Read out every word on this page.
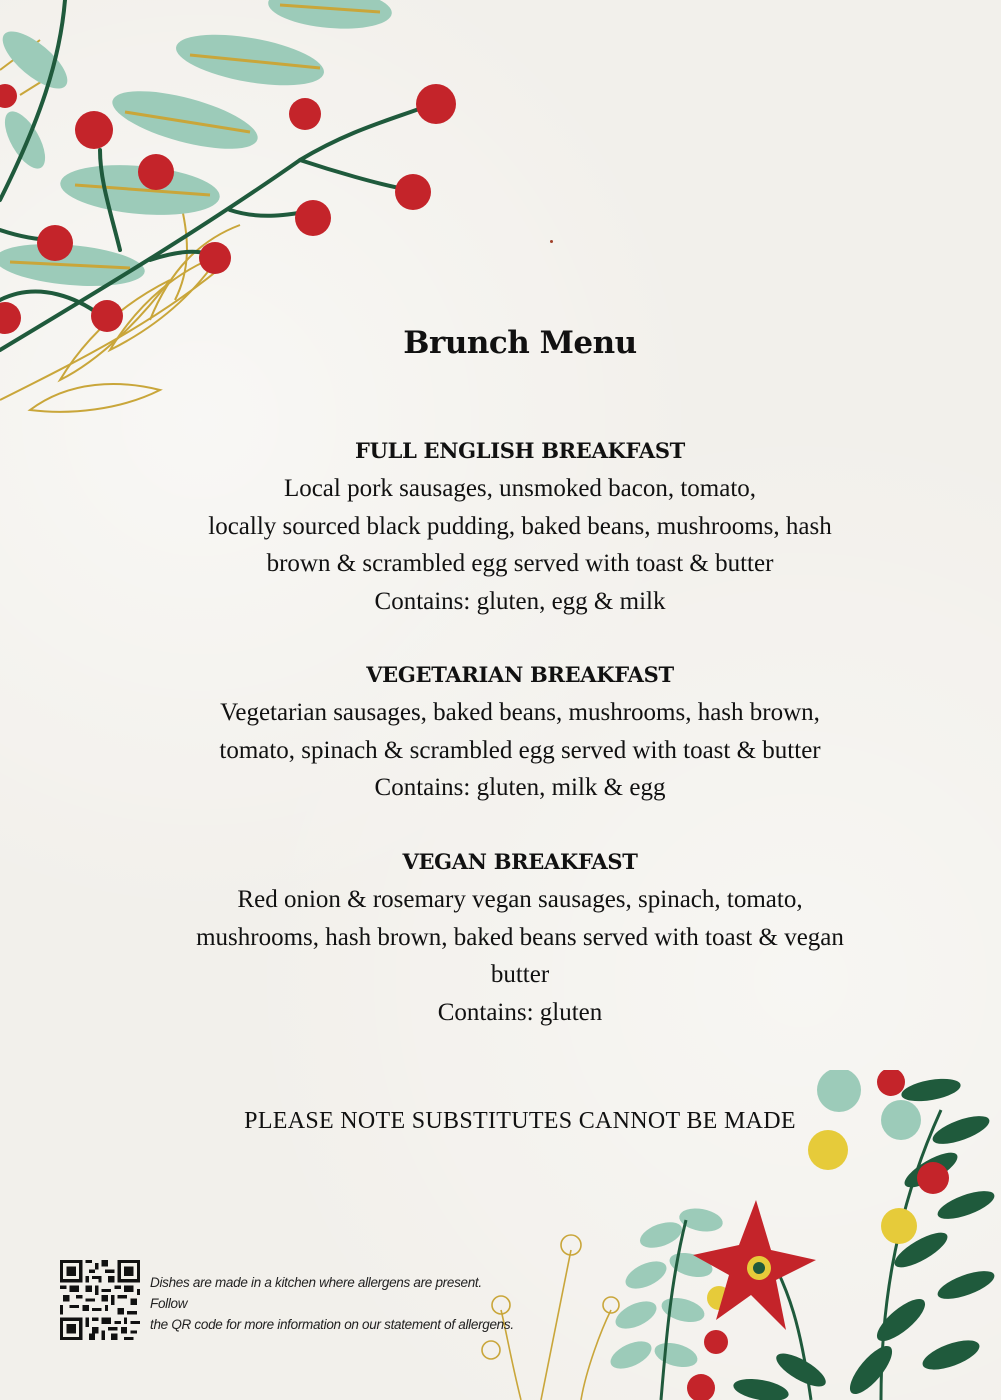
Brunch Menu

FULL ENGLISH BREAKFAST

Local pork sausages, unsmoked bacon, tomato,

locally sourced black pudding, baked beans, mushrooms, hash

brown & scrambled egg served with toast & butter

Contains: gluten, egg & milk

VEGETARIAN BREAKFAST

Vegetarian sausages, baked beans, mushrooms, hash brown,

tomato, spinach & scrambled egg served with toast & butter

Contains: gluten, milk & egg

VEGAN BREAKFAST

Red onion & rosemary vegan sausages, spinach, tomato,

mushrooms, hash brown, baked beans served with toast & vegan

butter

Contains: gluten

PLEASE NOTE SUBSTITUTES CANNOT BE MADE
Dishes are made in a kitchen where allergens are present. Follow
the QR code for more information on our statement of allergens.
